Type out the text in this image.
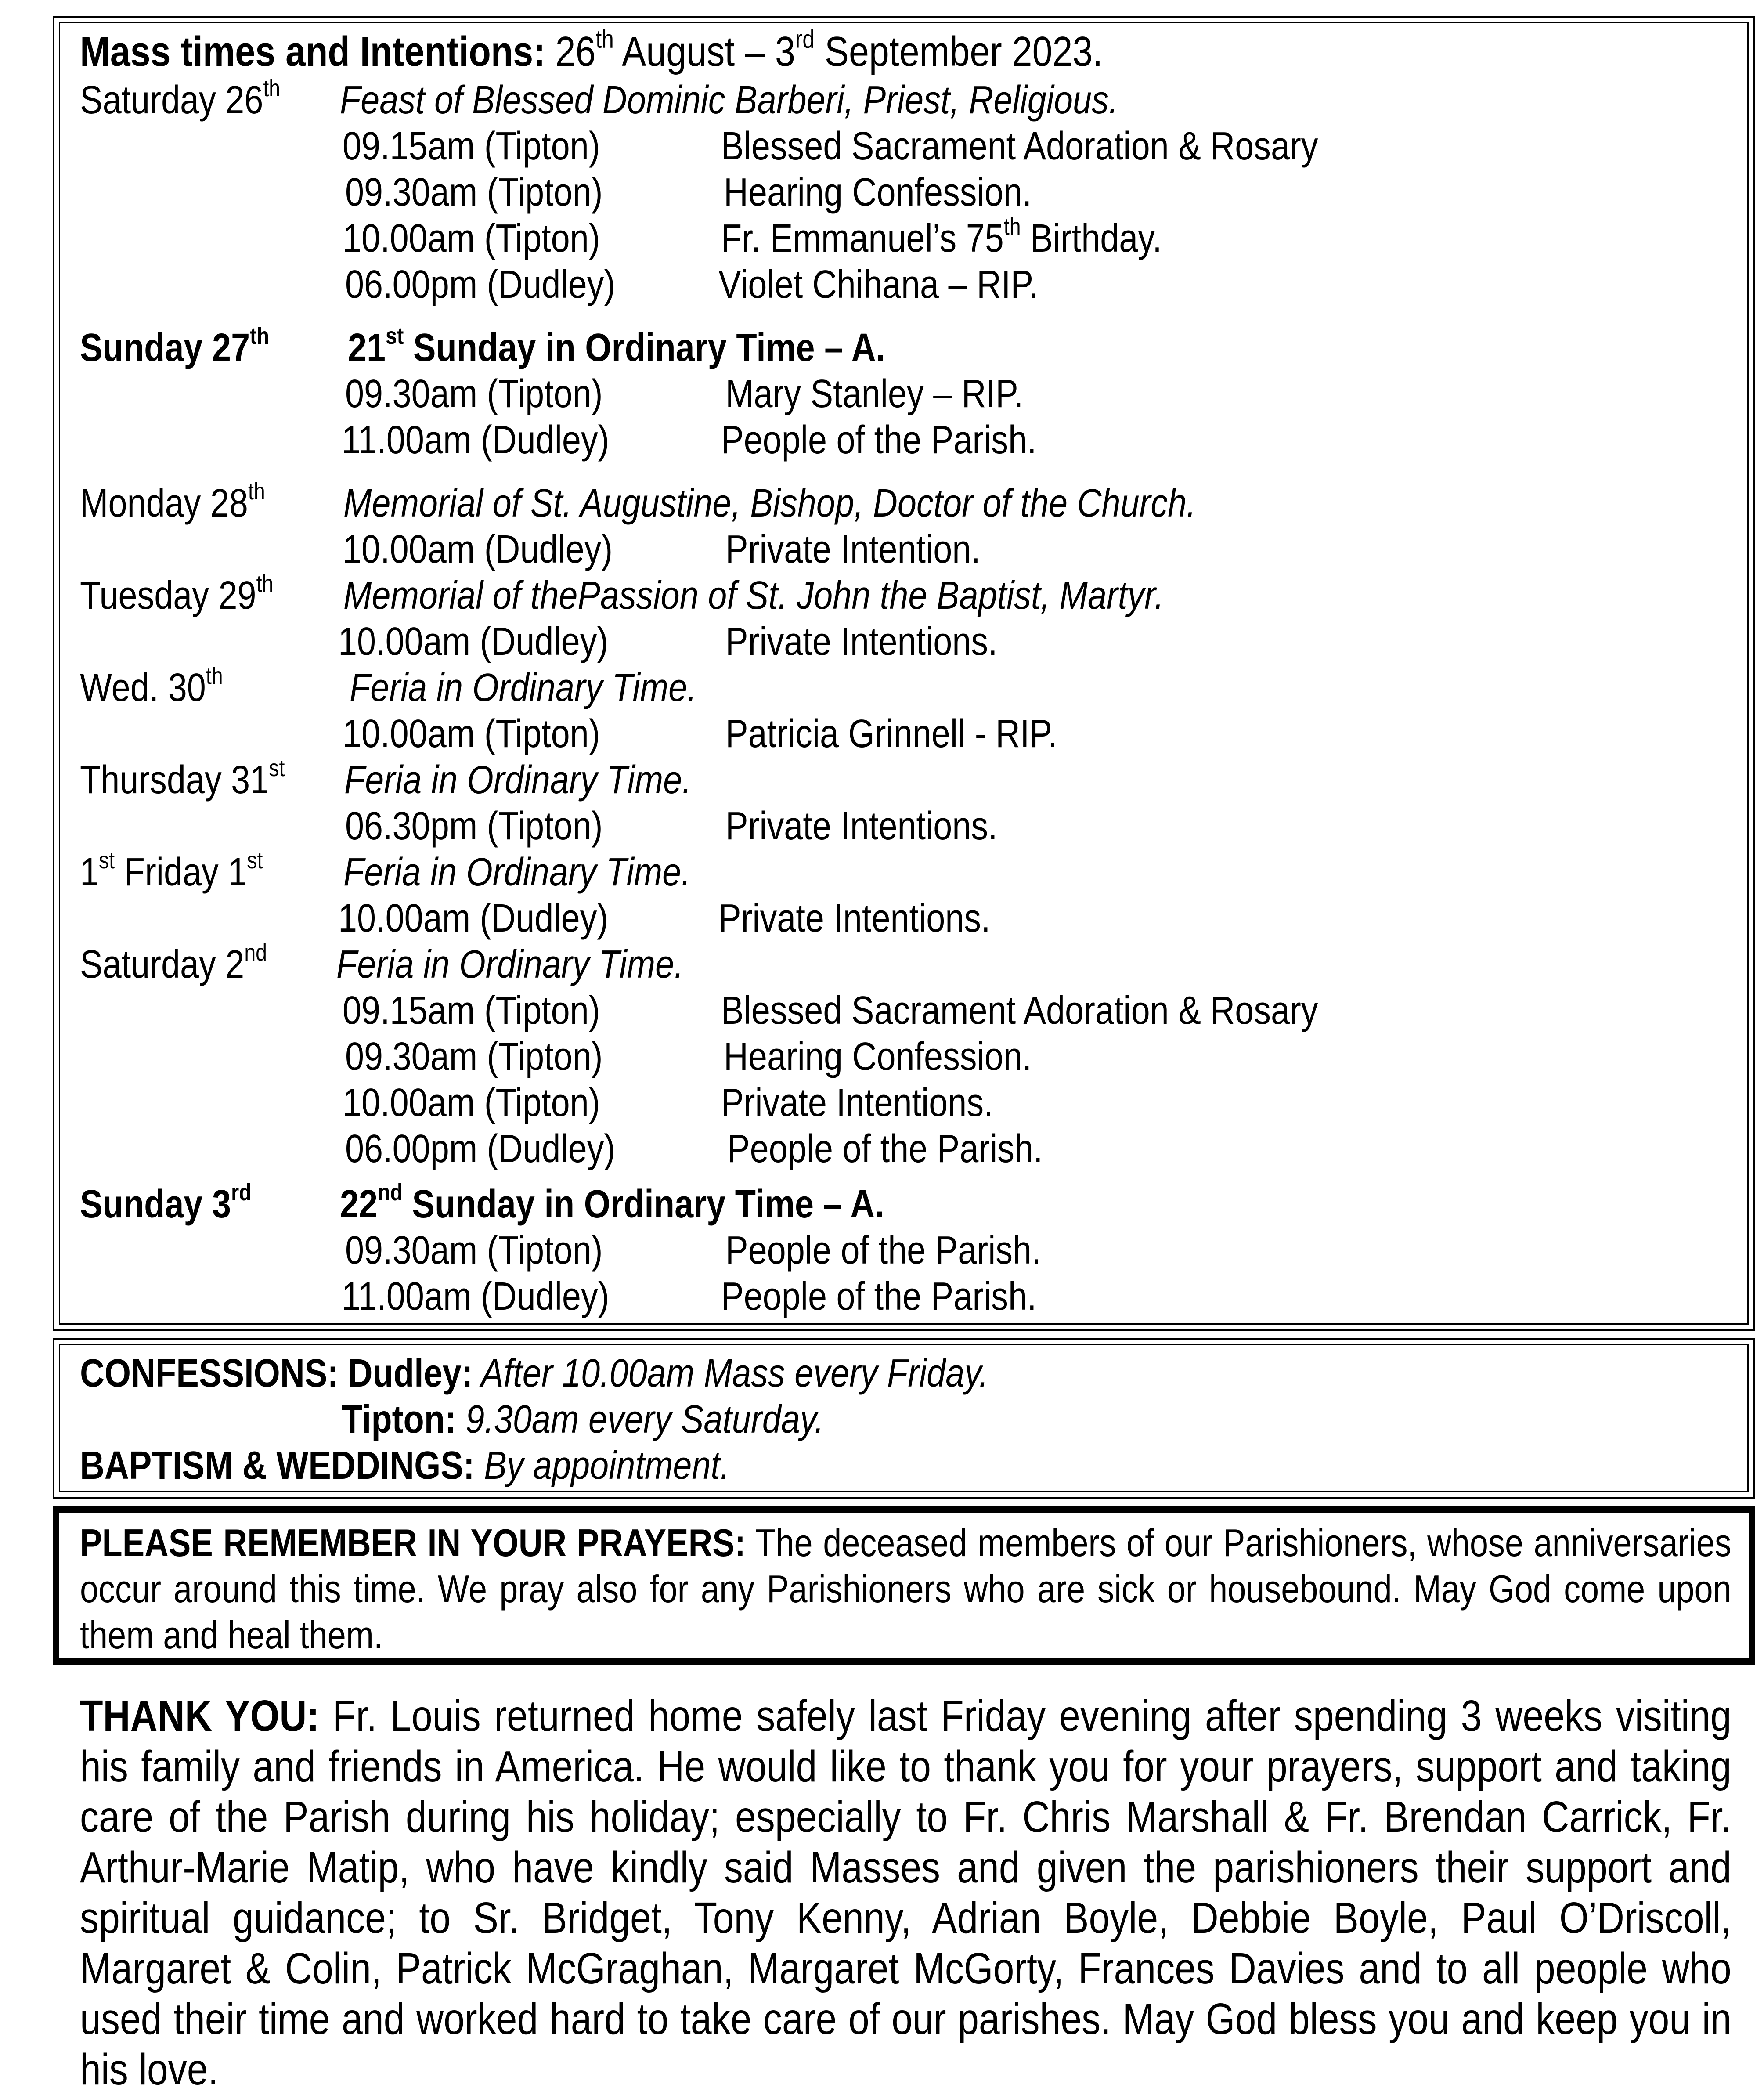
Mass times and Intentions: 26th August – 3rd September 2023.
Saturday 26th Feast of Blessed Dominic Barberi, Priest, Religious.
09.15am (Tipton)	Blessed Sacrament Adoration & Rosary
09.30am (Tipton)	Hearing Confession.
10.00am (Tipton)	Fr. Emmanuel’s 75th Birthday.
06.00pm (Dudley)	Violet Chihana – RIP.
Sunday 27th 21st Sunday in Ordinary Time – A.
09.30am (Tipton)	Mary Stanley – RIP.
11.00am (Dudley)	People of the Parish.
Monday 28th Memorial of St. Augustine, Bishop, Doctor of the Church.
10.00am (Dudley)	Private Intention.
Tuesday 29th Memorial of thePassion of St. John the Baptist, Martyr.
10.00am (Dudley)	Private Intentions.
Wed. 30th	Feria in Ordinary Time.
10.00am (Tipton)	Patricia Grinnell - RIP.
Thursday 31st Feria in Ordinary Time.
06.30pm (Tipton)	Private Intentions.
1st Friday 1st Feria in Ordinary Time.
10.00am (Dudley)	Private Intentions.
Saturday 2nd Feria in Ordinary Time.
09.15am (Tipton)	Blessed Sacrament Adoration & Rosary
09.30am (Tipton)	Hearing Confession.
10.00am (Tipton)	Private Intentions.
06.00pm (Dudley)	People of the Parish.
Sunday 3rd 22nd Sunday in Ordinary Time – A.
09.30am (Tipton)	People of the Parish.
11.00am (Dudley)	People of the Parish.
CONFESSIONS: Dudley: After 10.00am Mass every Friday.
Tipton: 9.30am every Saturday.
BAPTISM & WEDDINGS: By appointment.
PLEASE REMEMBER IN YOUR PRAYERS: The deceased members of our Parishioners, whose anniversaries occur around this time. We pray also for any Parishioners who are sick or housebound. May God come upon them and heal them.
THANK YOU: Fr. Louis returned home safely last Friday evening after spending 3 weeks visiting his family and friends in America. He would like to thank you for your prayers, support and taking care of the Parish during his holiday; especially to Fr. Chris Marshall & Fr. Brendan Carrick, Fr. Arthur-Marie Matip, who have kindly said Masses and given the parishioners their support and spiritual guidance; to Sr. Bridget, Tony Kenny, Adrian Boyle, Debbie Boyle, Paul O’Driscoll, Margaret & Colin, Patrick McGraghan, Margaret McGorty, Frances Davies and to all people who used their time and worked hard to take care of our parishes. May God bless you and keep you in his love.
